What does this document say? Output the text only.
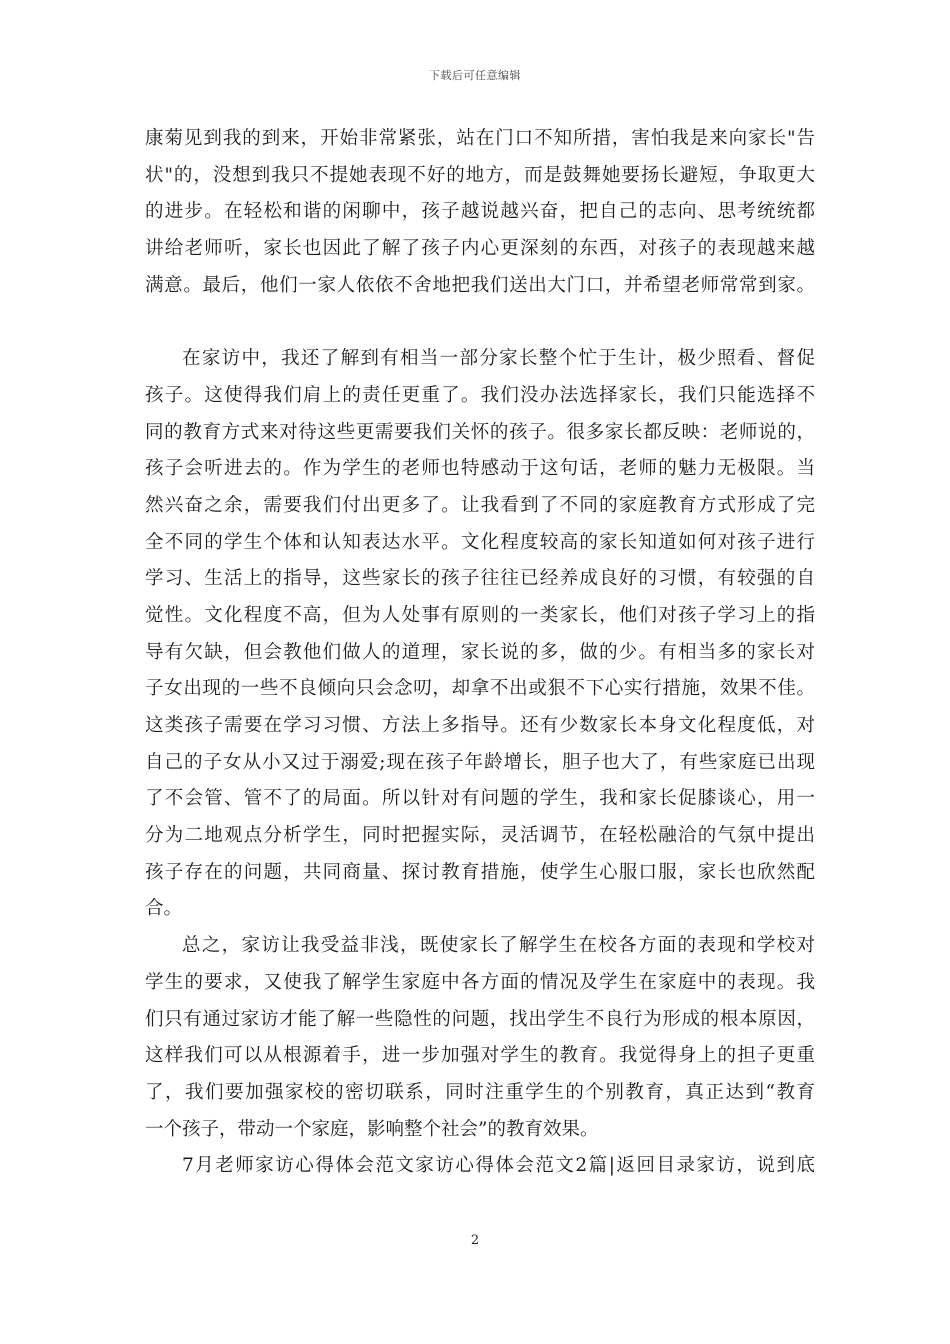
下载后可任意编辑
康菊见到我的到来，开始非常紧张，站在门口不知所措，害怕我是来向家长"告
状"的，没想到我只不提她表现不好的地方，而是鼓舞她要扬长避短，争取更大
的进步。在轻松和谐的闲聊中，孩子越说越兴奋，把自己的志向、思考统统都
讲给老师听，家长也因此了解了孩子内心更深刻的东西，对孩子的表现越来越
满意。最后，他们一家人依依不舍地把我们送出大门口，并希望老师常常到家。
在家访中，我还了解到有相当一部分家长整个忙于生计，极少照看、督促
孩子。这使得我们肩上的责任更重了。我们没办法选择家长，我们只能选择不
同的教育方式来对待这些更需要我们关怀的孩子。很多家长都反映：老师说的，
孩子会听进去的。作为学生的老师也特感动于这句话，老师的魅力无极限。当
然兴奋之余，需要我们付出更多了。让我看到了不同的家庭教育方式形成了完
全不同的学生个体和认知表达水平。文化程度较高的家长知道如何对孩子进行
学习、生活上的指导，这些家长的孩子往往已经养成良好的习惯，有较强的自
觉性。文化程度不高，但为人处事有原则的一类家长，他们对孩子学习上的指
导有欠缺，但会教他们做人的道理，家长说的多，做的少。有相当多的家长对
子女出现的一些不良倾向只会念叨，却拿不出或狠不下心实行措施，效果不佳。
这类孩子需要在学习习惯、方法上多指导。还有少数家长本身文化程度低，对
自己的子女从小又过于溺爱;现在孩子年龄增长，胆子也大了，有些家庭已出现
了不会管、管不了的局面。所以针对有问题的学生，我和家长促膝谈心，用一
分为二地观点分析学生，同时把握实际，灵活调节，在轻松融洽的气氛中提出
孩子存在的问题，共同商量、探讨教育措施，使学生心服口服，家长也欣然配
合。
总之，家访让我受益非浅，既使家长了解学生在校各方面的表现和学校对
学生的要求，又使我了解学生家庭中各方面的情况及学生在家庭中的表现。我
们只有通过家访才能了解一些隐性的问题，找出学生不良行为形成的根本原因，
这样我们可以从根源着手，进一步加强对学生的教育。我觉得身上的担子更重
了，我们要加强家校的密切联系，同时注重学生的个别教育，真正达到“教育
一个孩子，带动一个家庭，影响整个社会”的教育效果。
7月老师家访心得体会范文家访心得体会范文2篇|返回目录家访，说到底
2
